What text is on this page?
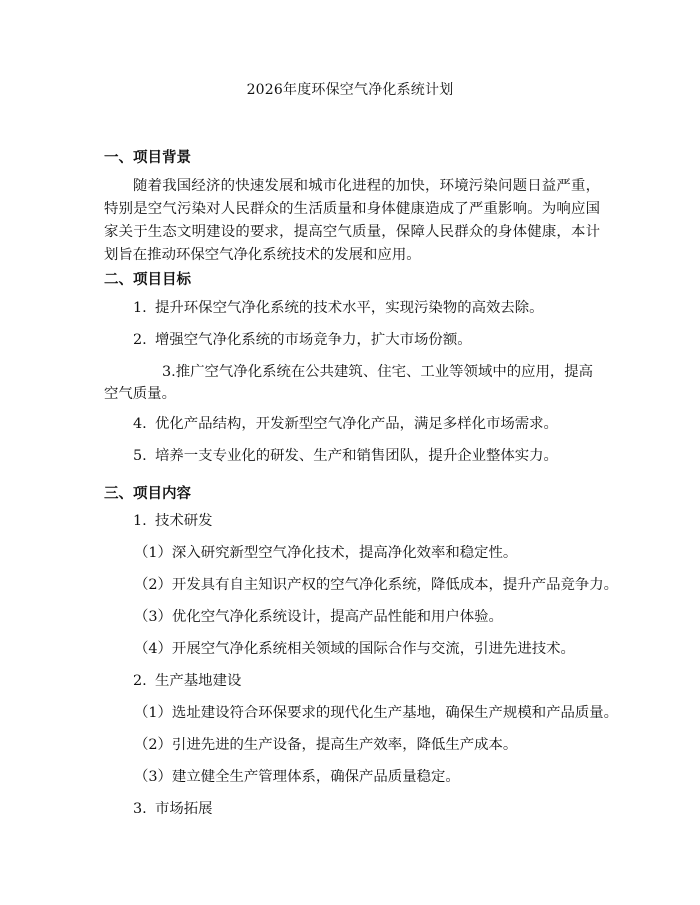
2026年度环保空气净化系统计划
一、项目背景
随着我国经济的快速发展和城市化进程的加快，环境污染问题日益严重，特别是空气污染对人民群众的生活质量和身体健康造成了严重影响。为响应国家关于生态文明建设的要求，提高空气质量，保障人民群众的身体健康，本计划旨在推动环保空气净化系统技术的发展和应用。
二、项目目标
1. 提升环保空气净化系统的技术水平，实现污染物的高效去除。
2. 增强空气净化系统的市场竞争力，扩大市场份额。
3.推广空气净化系统在公共建筑、住宅、工业等领域中的应用，提高空气质量。
4. 优化产品结构，开发新型空气净化产品，满足多样化市场需求。
5. 培养一支专业化的研发、生产和销售团队，提升企业整体实力。
三、项目内容
1. 技术研发
（1）深入研究新型空气净化技术，提高净化效率和稳定性。
（2）开发具有自主知识产权的空气净化系统，降低成本，提升产品竞争力。
（3）优化空气净化系统设计，提高产品性能和用户体验。
（4）开展空气净化系统相关领域的国际合作与交流，引进先进技术。
2. 生产基地建设
（1）选址建设符合环保要求的现代化生产基地，确保生产规模和产品质量。
（2）引进先进的生产设备，提高生产效率，降低生产成本。
（3）建立健全生产管理体系，确保产品质量稳定。
3. 市场拓展
